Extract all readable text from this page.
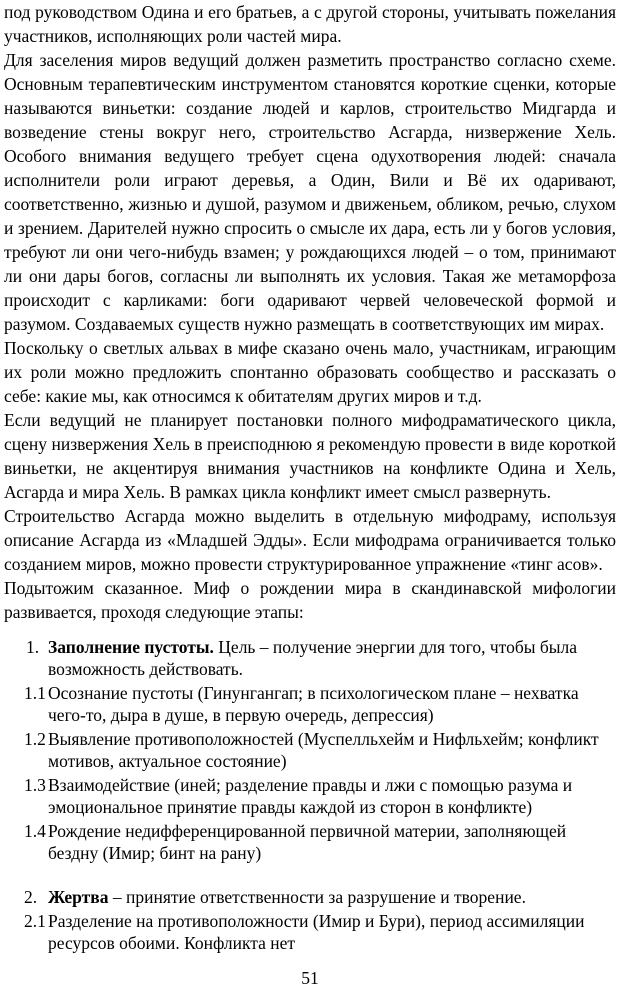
под руководством Одина и его братьев, а с другой стороны, учитывать пожелания участников, исполняющих роли частей мира.

Для заселения миров ведущий должен разметить пространство согласно схеме. Основным терапевтическим инструментом становятся короткие сценки, которые называются виньетки: создание людей и карлов, строительство Мидгарда и возведение стены вокруг него, строительство Асгарда, низвержение Хель. Особого внимания ведущего требует сцена одухотворения людей: сначала исполнители роли играют деревья, а Один, Вили и Вё их одаривают, соответственно, жизнью и душой, разумом и движеньем, обликом, речью, слухом и зрением. Дарителей нужно спросить о смысле их дара, есть ли у богов условия, требуют ли они чего-нибудь взамен; у рождающихся людей – о том, принимают ли они дары богов, согласны ли выполнять их условия. Такая же метаморфоза происходит с карликами: боги одаривают червей человеческой формой и разумом. Создаваемых существ нужно размещать в соответствующих им мирах.

Поскольку о светлых альвах в мифе сказано очень мало, участникам, играющим их роли можно предложить спонтанно образовать сообщество и рассказать о себе: какие мы, как относимся к обитателям других миров и т.д.

Если ведущий не планирует постановки полного мифодраматического цикла, сцену низвержения Хель в преисподнюю я рекомендую провести в виде короткой виньетки, не акцентируя внимания участников на конфликте Одина и Хель, Асгарда и мира Хель. В рамках цикла конфликт имеет смысл развернуть.

Строительство Асгарда можно выделить в отдельную мифодраму, используя описание Асгарда из «Младшей Эдды». Если мифодрама ограничивается только созданием миров, можно провести структурированное упражнение «тинг асов».

Подытожим сказанное. Миф о рождении мира в скандинавской мифологии развивается, проходя следующие этапы:

1. Заполнение пустоты. Цель – получение энергии для того, чтобы была возможность действовать.
1.1 Осознание пустоты (Гинунгангап; в психологическом плане – нехватка чего-то, дыра в душе, в первую очередь, депрессия)
1.2 Выявление противоположностей (Муспелльхейм и Нифльхейм; конфликт мотивов, актуальное состояние)
1.3 Взаимодействие (иней; разделение правды и лжи с помощью разума и эмоциональное принятие правды каждой из сторон в конфликте)
1.4 Рождение недифференцированной первичной материи, заполняющей бездну (Имир; бинт на рану)
2. Жертва – принятие ответственности за разрушение и творение.
2.1 Разделение на противоположности (Имир и Бури), период ассимиляции ресурсов обоими. Конфликта нет
51
